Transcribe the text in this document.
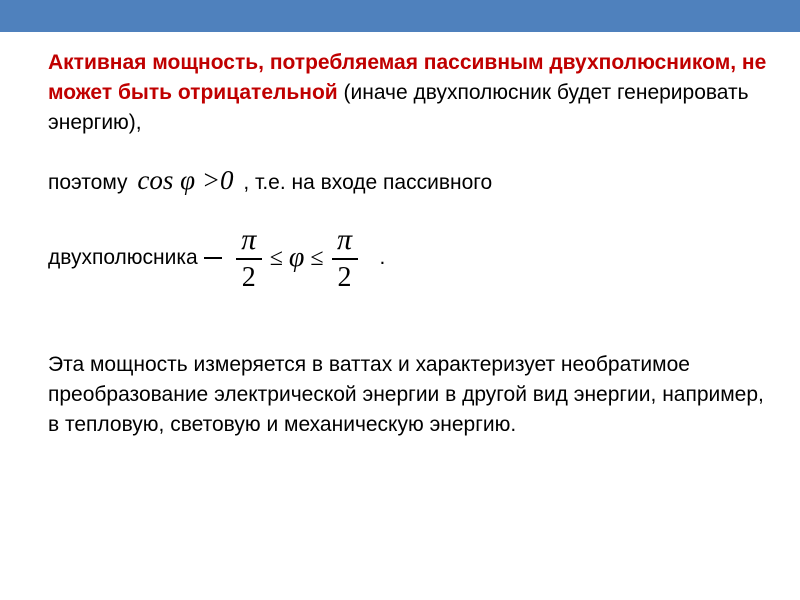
Активная мощность, потребляемая пассивным двухполюсником, не может быть отрицательной (иначе двухполюсник будет генерировать энергию),
поэтому cos φ >0 , т.е. на входе пассивного
двухполюсника $\frac{\pi}{2} \le \varphi \le \frac{\pi}{2}$ .
Эта мощность измеряется в ваттах и характеризует необратимое преобразование электрической энергии в другой вид энергии, например, в тепловую, световую и механическую энергию.
